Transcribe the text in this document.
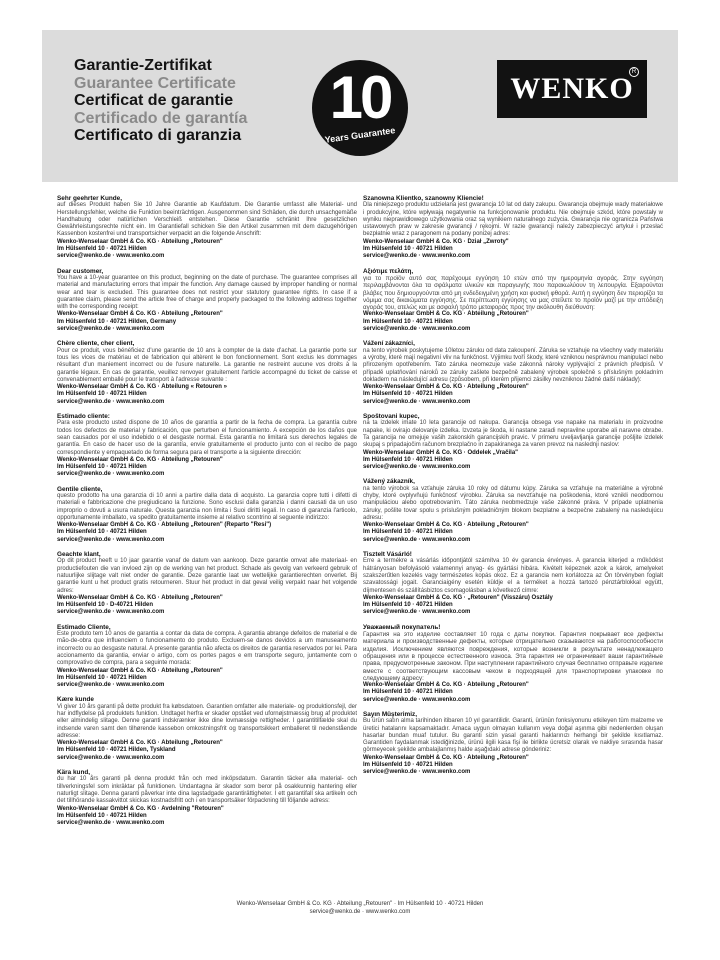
Garantie-Zertifikat
Guarantee Certificate
Certificat de garantie
Certificado de garantía
Certificato di garanzia
10
Years Guarantee
WENKO
R
Sehr geehrter Kunde,
auf dieses Produkt haben Sie 10 Jahre Garantie ab Kaufdatum. Die Garantie umfasst alle Material- und Herstellungsfehler, welche die Funktion beeinträchtigen. Ausgenommen sind Schäden, die durch unsachgemäße Handhabung oder natürlichen Verschleiß entstehen. Diese Garantie schränkt Ihre gesetzlichen Gewährleistungsrechte nicht ein. Im Garantiefall schicken Sie den Artikel zusammen mit dem dazugehörigen Kassenbon kostenfrei und transportsicher verpackt an die folgende Anschrift:
Wenko-Wenselaar GmbH & Co. KG · Abteilung „Retouren"
Im Hülsenfeld 10 · 40721 Hilden
service@wenko.de · www.wenko.com
Dear customer,
You have a 10-year guarantee on this product, beginning on the date of purchase. The guarantee comprises all material and manufacturing errors that impair the function. Any damage caused by improper handling or normal wear and tear is excluded. This guarantee does not restrict your statutory guarantee rights. In case if a guarantee claim, please send the article free of charge and properly packaged to the following address together with the corresponding receipt:
Wenko-Wenselaar GmbH & Co. KG · Abteilung „Retouren"
Im Hülsenfeld 10 · 40721 Hilden, Germany
service@wenko.de · www.wenko.com
Chère cliente, cher client,
Pour ce produit, vous bénéficiez d'une garantie de 10 ans à compter de la date d'achat. La garantie porte sur tous les vices de matériau et de fabrication qui altèrent le bon fonctionnement. Sont exclus les dommages résultant d'un maniement incorrect ou de l'usure naturelle. La garantie ne restreint aucune vos droits à la garantie légaux. En cas de garantie, veuillez renvoyer gratuitement l'article accompagné du ticket de caisse et convenablement emballé pour le transport à l'adresse suivante :
Wenko-Wenselaar GmbH & Co. KG · Abteilung « Retouren »
Im Hülsenfeld 10 · 40721 Hilden
service@wenko.de · www.wenko.com
Estimado cliente:
Para este producto usted dispone de 10 años de garantía a partir de la fecha de compra. La garantía cubre todos los defectos de material y fabricación, que perturben el funcionamiento. A excepción de los daños que sean causados por el uso indebido o el desgaste normal. Esta garantía no limitará sus derechos legales de garantía. En caso de hacer uso de la garantía, envíe gratuitamente el producto junto con el recibo de pago correspondiente y empaquetado de forma segura para el transporte a la siguiente dirección:
Wenko-Wenselaar GmbH & Co. KG · Abteilung „Retouren"
Im Hülsenfeld 10 · 40721 Hilden
service@wenko.de · www.wenko.com
Gentile cliente,
questo prodotto ha una garanzia di 10 anni a partire dalla data di acquisto. La garanzia copre tutti i difetti di materiali e fabbricazione che pregiudicano la funzione. Sono esclusi dalla garanzia i danni causati da un uso improprio o dovuti a usura naturale. Questa garanzia non limita i Suoi diritti legali. In caso di garanzia l'articolo, opportunamente imballato, va spedito gratuitamente insieme al relativo scontrino al seguente indirizzo:
Wenko-Wenselaar GmbH & Co. KG · Abteilung „Retouren" (Reparto "Resi")
Im Hülsenfeld 10 · 40721 Hilden
service@wenko.de · www.wenko.com
Geachte klant,
Op dit product heeft u 10 jaar garantie vanaf de datum van aankoop. Deze garantie omvat alle materiaal- en productiefouten die van invloed zijn op de werking van het product. Schade als gevolg van verkeerd gebruik of natuurlijke slijtage valt niet onder de garantie. Deze garantie laat uw wettelijke garantierechten onverlet. Bij garantie kunt u het product gratis retourneren. Stuur het product in dat geval veilig verpakt naar het volgende adres:
Wenko-Wenselaar GmbH & Co. KG · Abteilung „Retouren"
Im Hülsenfeld 10 · D-40721 Hilden
service@wenko.de · www.wenko.com
Estimado Cliente,
Este produto tem 10 anos de garantia a contar da data de compra. A garantia abrange defeitos de material e de mão-de-obra que influenciem o funcionamento do produto. Excluem-se danos devidos a um manuseamento incorrecto ou ao desgaste natural. A presente garantia não afecta os direitos de garantia reservados por lei. Para accionamento da garantia, enviar o artigo, com os portes pagos e em transporte seguro, juntamente com o comprovativo de compra, para a seguinte morada:
Wenko-Wenselaar GmbH & Co. KG · Abteilung „Retouren"
Im Hülsenfeld 10 · 40721 Hilden
service@wenko.de · www.wenko.com
Kære kunde
Vi giver 10 års garanti på dette produkt fra købsdatoen. Garantien omfatter alle materiale- og produktionsfejl, der har indflydelse på produktets funktion. Undtaget herfra er skader opstået ved ufornøjstmæssig brug af produktet eller almindelig slitage. Denne garanti indskrænker ikke dine lovmæssige rettigheder. I garantitilfælde skal du indsende varen samt den tilhørende kassebon omkostningsfrit og transportsikkert emballeret til nedenstående adresse:
Wenko-Wenselaar GmbH & Co. KG · Abteilung „Retouren"
Im Hülsenfeld 10 · 40721 Hilden, Tyskland
service@wenko.de · www.wenko.com
Kära kund,
du har 10 års garanti på denna produkt från och med inköpsdatum. Garantin täcker alla material- och tillverkningsfel som inkräktar på funktionen. Undantagna är skador som beror på osakkunnig hantering eller naturligt slitage. Denna garanti påverkar inte dina lagstadgade garantirättigheter. I ett garantifall ska artikeln och det tillhörande kassakvittot skickas kostnadsfritt och i en transportsäker förpackning till följande adress:
Wenko-Wenselaar GmbH & Co. KG · Avdelning "Retouren"
Im Hülsenfeld 10 · 40721 Hilden
service@wenko.de · www.wenko.com
Szanowna Klientko, szanowny Kliencie!
Dla niniejszego produktu udzielana jest gwarancja 10 lat od daty zakupu. Gwarancja obejmuje wady materiałowe i produkcyjne, które wpływają negatywnie na funkcjonowanie produktu. Nie obejmuje szkód, które powstały w wyniku nieprawidłowego użytkowania oraz są wynikiem naturalnego zużycia. Gwarancja nie ogranicza Państwa ustawowych praw w zakresie gwarancji / rękojmi. W razie gwarancji należy zabezpieczyć artykuł i przesłać bezpłatnie wraz z paragonem na podany poniżej adres:
Wenko-Wenselaar GmbH & Co. KG · Dział „Zwroty"
Im Hülsenfeld 10 · 40721 Hilden
service@wenko.de · www.wenko.com
Αξιότιμε πελάτη,
για το προϊόν αυτό σας παρέχουμε εγγύηση 10 ετών από την ημερομηνία αγοράς. Στην εγγύηση περιλαμβάνονται όλα τα σφάλματα υλικών και παραγωγής που παρακωλύουν τη λειτουργία. Εξαιρούνται βλάβες που δημιουργούνται από μη ενδεδειγμένη χρήση και φυσική φθορά. Αυτή η εγγύηση δεν περιορίζει τα νόμιμα σας δικαιώματα εγγύησης. Σε περίπτωση εγγύησης να μας στείλετε το προϊόν μαζί με την απόδειξη αγοράς του, ατελώς και με ασφαλή τρόπο μεταφοράς προς την ακόλουθη διεύθυνση:
Wenko-Wenselaar GmbH & Co. KG · Abteilung „Retouren"
Im Hülsenfeld 10 · 40721 Hilden
service@wenko.de · www.wenko.com
Vážení zákazníci,
na tento výrobek poskytujeme 10letou záruku od data zakoupení. Záruka se vztahuje na všechny vady materiálu a výroby, které mají negativní vliv na funkčnost. Výjimku tvoří škody, které vzniknou nesprávnou manipulací nebo přirozeným opotřebením. Tato záruka neomezuje vaše zákonná nároky vyplývající z právních předpisů. V případě uplatňování nároků ze záruky zašlete bezpečně zabalený výrobek společně s příslušným pokladním dokladem na následující adresu (způsobem, při kterém přijemci zásilky nevzniknou žádné další náklady):
Wenko-Wenselaar GmbH & Co. KG · Abteilung „Retouren"
Im Hülsenfeld 10 · 40721 Hilden
service@wenko.de · www.wenko.com
Spoštovani kupec,
na ta izdelek imate 10 leta garancije od nakupa. Garancija obsega vse napake na materialu in proizvodne napake, ki ovirajo delovanje izdelka. Izvzeta je škoda, ki nastane zaradi nepravilne uporabe ali naravne obrabe. Ta garancija ne omejuje vaših zakonskih garancijskih pravic. V primeru uveljavljanja garancije pošljite izdelek skupaj s pripadajočim računom brezplačno in zapakiranega za varen prevoz na naslednji naslov:
Wenko-Wenselaar GmbH & Co. KG · Oddelek „Vračila"
Im Hülsenfeld 10 · 40721 Hilden
service@wenko.de · www.wenko.com
Vážený zákazník,
na tento výrobok sa vzťahuje záruka 10 roky od dátumu kúpy. Záruka sa vzťahuje na materiálne a výrobné chyby, ktoré ovplyvňujú funkčnosť výrobku. Záruka sa nevzťahuje na poškodenia, ktoré vznikli neodbornou manipuláciou alebo opotrebovaním. Táto záruka neobmedzuje vaše zákonné práva. V prípade uplatnenia záruky, pošlite tovar spolu s príslušným pokladničným blokom bezplatne a bezpečne zabalený na nasledujúcu adresu:
Wenko-Wenselaar GmbH & Co. KG · Abteilung „Retouren"
Im Hülsenfeld 10 · 40721 Hilden
service@wenko.de · www.wenko.com
Tisztelt Vásárló!
Erre a termékre a vásárlás időpontjától számítva 10 év garancia érvényes. A garancia kiterjed a működést hátrányosan befolyásoló valamennyi anyag- és gyártási hibára. Kivételt képeznek azok a károk, amelyeket szakszerűtlen kezelés vagy természetes kopás okoz. Ez a garancia nem korlátozza az Ön törvényben foglalt szavatossági jogait. Garanciaigény esetén küldje el a terméket a hozzá tartozó pénztárblokkal együtt, díjmentesen és szállításbiztos csomagolásban a következő címre:
Wenko-Wenselaar GmbH & Co. KG · „Retouren" (Visszáru) Osztály
Im Hülsenfeld 10 · 40721 Hilden
service@wenko.de · www.wenko.com
Уважаемый покупатель!
Гарантия на это изделие составляет 10 года с даты покупки. Гарантия покрывает все дефекты материала и производственные дефекты, которые отрицательно сказываются на работоспособности изделия. Исключением являются повреждения, которые возникли в результате ненадлежащего обращения или в процессе естественного износа. Эта гарантия не ограничивает ваши гарантийные права, предусмотренные законом. При наступлении гарантийного случая бесплатно отправьте изделие вместе с соответствующим кассовым чеком в подходящей для транспортировки упаковке по следующему адресу:
Wenko-Wenselaar GmbH & Co. KG · Abteilung „Retouren"
Im Hülsenfeld 10 · 40721 Hilden
service@wenko.de · www.wenko.com
Sayın Müşterimiz,
Bu ürün satın alma tarihinden itibaren 10 yıl garantilidir. Garanti, ürünün fonksiyonunu etkileyen tüm malzeme ve üretici hatalarını kapsamaktadır. Amaca uygun olmayan kullanım veya doğal aşınma gibi nedenlerden oluşan hasarlar bundan muaf tutulur. Bu garanti sizin yasal garanti haklarınızı herhangi bir şekilde kısıtlamaz. Garantiden faydalanmak istediğinizde, ürünü ilgili kasa fişi ile birlikte ücretsiz olarak ve nakliye sırasında hasar görmeyecek şekilde ambalajlanmış halde aşağıdaki adrese gönderiniz:
Wenko-Wenselaar GmbH & Co. KG · Abteilung „Retouren"
Im Hülsenfeld 10 · 40721 Hilden
service@wenko.de · www.wenko.com
Wenko-Wenselaar GmbH & Co. KG · Abteilung „Retouren" · Im Hülsenfeld 10 · 40721 Hilden
service@wenko.de · www.wenko.com
